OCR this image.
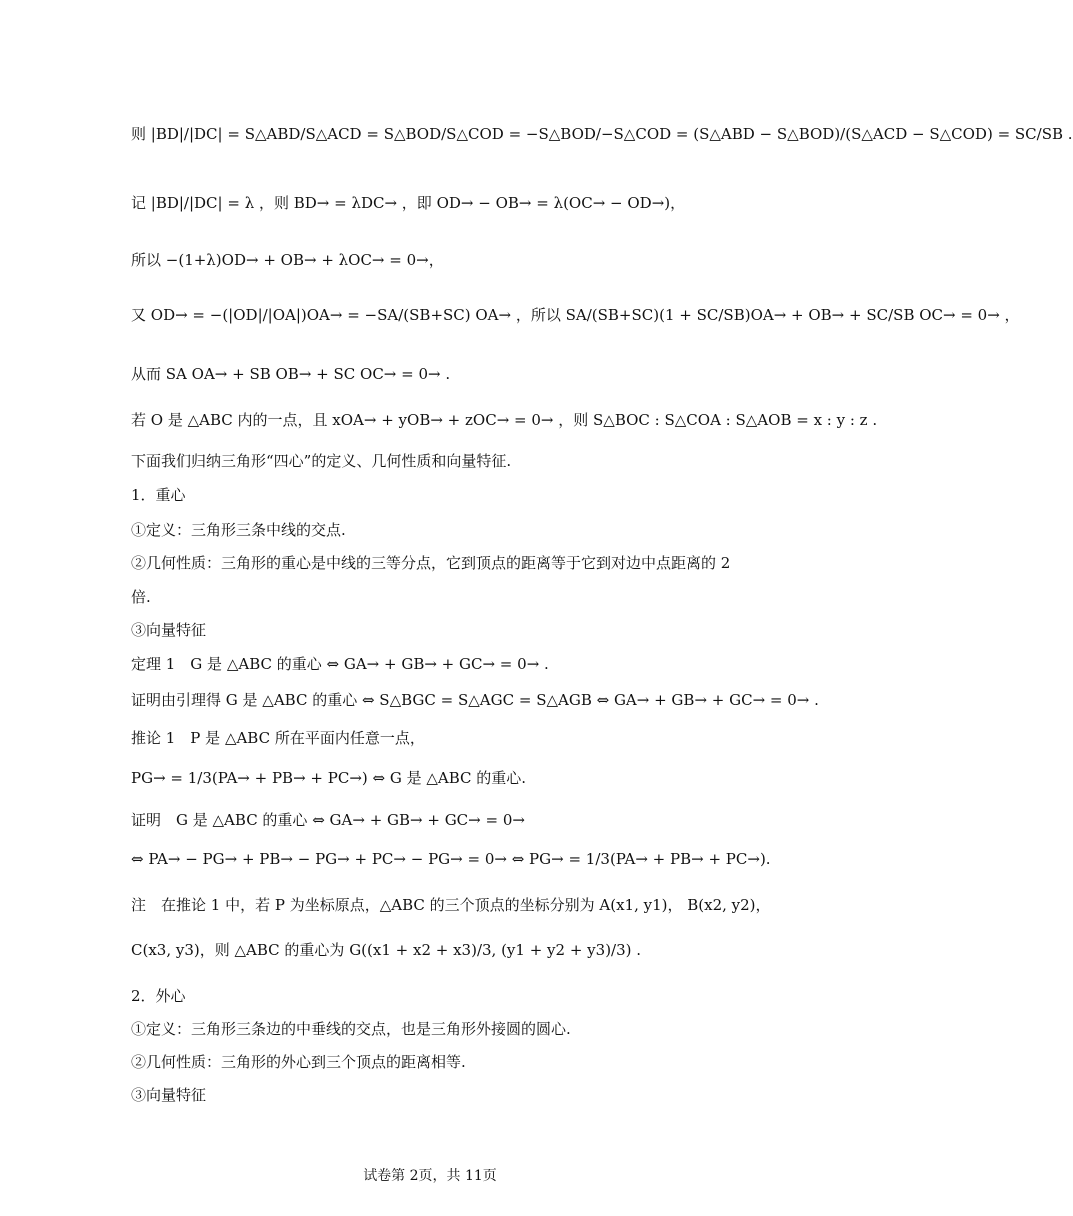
则 |BD|/|DC| = S△ABD/S△ACD = S△BOD/S△COD = −S△BOD/−S△COD = (S△ABD − S△BOD)/(S△ACD − S△COD) = SC/SB .
记 |BD|/|DC| = λ ，则 BD→ = λDC→ ，即 OD→ − OB→ = λ(OC→ − OD→)，
所以 −(1+λ)OD→ + OB→ + λOC→ = 0→，
又 OD→ = −(|OD|/|OA|)OA→ = −SA/(SB+SC) OA→ ，所以 SA/(SB+SC)(1 + SC/SB)OA→ + OB→ + SC/SB OC→ = 0→ ，
从而 SA OA→ + SB OB→ + SC OC→ = 0→ .
若 O 是 △ABC 内的一点，且 xOA→ + yOB→ + zOC→ = 0→ ，则 S△BOC : S△COA : S△AOB = x : y : z .
下面我们归纳三角形“四心”的定义、几何性质和向量特征.
1．重心
①定义：三角形三条中线的交点.
②几何性质：三角形的重心是中线的三等分点，它到顶点的距离等于它到对边中点距离的 2
倍.
③向量特征
定理 1　G 是 △ABC 的重心 ⇔ GA→ + GB→ + GC→ = 0→ .
证明由引理得 G 是 △ABC 的重心 ⇔ S△BGC = S△AGC = S△AGB ⇔ GA→ + GB→ + GC→ = 0→ .
推论 1　P 是 △ABC 所在平面内任意一点，
PG→ = 1/3(PA→ + PB→ + PC→) ⇔ G 是 △ABC 的重心.
证明　G 是 △ABC 的重心 ⇔ GA→ + GB→ + GC→ = 0→
⇔ PA→ − PG→ + PB→ − PG→ + PC→ − PG→ = 0→ ⇔ PG→ = 1/3(PA→ + PB→ + PC→).
注　在推论 1 中，若 P 为坐标原点，△ABC 的三个顶点的坐标分别为 A(x1, y1)， B(x2, y2)，
C(x3, y3)，则 △ABC 的重心为 G((x1 + x2 + x3)/3, (y1 + y2 + y3)/3) .
2．外心
①定义：三角形三条边的中垂线的交点，也是三角形外接圆的圆心.
②几何性质：三角形的外心到三个顶点的距离相等.
③向量特征
试卷第 2页，共 11页
